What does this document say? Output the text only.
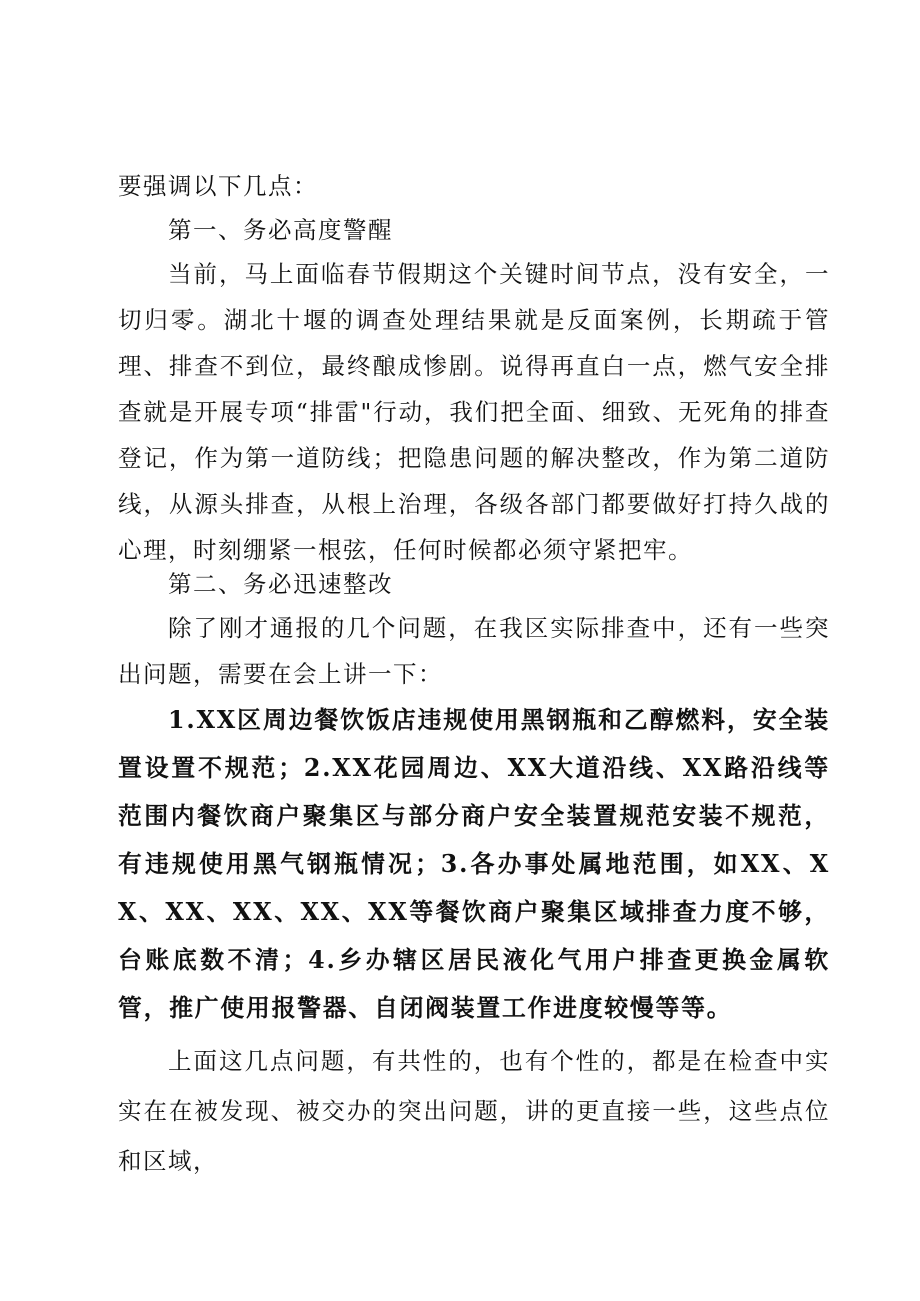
要强调以下几点：

第一、务必高度警醒

当前，马上面临春节假期这个关键时间节点，没有安全，一切归零。湖北十堰的调查处理结果就是反面案例，长期疏于管理、排查不到位，最终酿成惨剧。说得再直白一点，燃气安全排查就是开展专项“排雷"行动，我们把全面、细致、无死角的排查登记，作为第一道防线；把隐患问题的解决整改，作为第二道防线，从源头排查，从根上治理，各级各部门都要做好打持久战的心理，时刻绷紧一根弦，任何时候都必须守紧把牢。

第二、务必迅速整改

除了刚才通报的几个问题，在我区实际排查中，还有一些突出问题，需要在会上讲一下：

1.XX区周边餐饮饭店违规使用黑钢瓶和乙醇燃料，安全装置设置不规范；2.XX花园周边、XX大道沿线、XX路沿线等范围内餐饮商户聚集区与部分商户安全装置规范安装不规范，有违规使用黑气钢瓶情况；3.各办事处属地范围，如XX、XX、XX、XX、XX、XX等餐饮商户聚集区域排查力度不够，台账底数不清；4.乡办辖区居民液化气用户排查更换金属软管，推广使用报警器、自闭阀装置工作进度较慢等等。

上面这几点问题，有共性的，也有个性的，都是在检查中实实在在被发现、被交办的突出问题，讲的更直接一些，这些点位和区域，
